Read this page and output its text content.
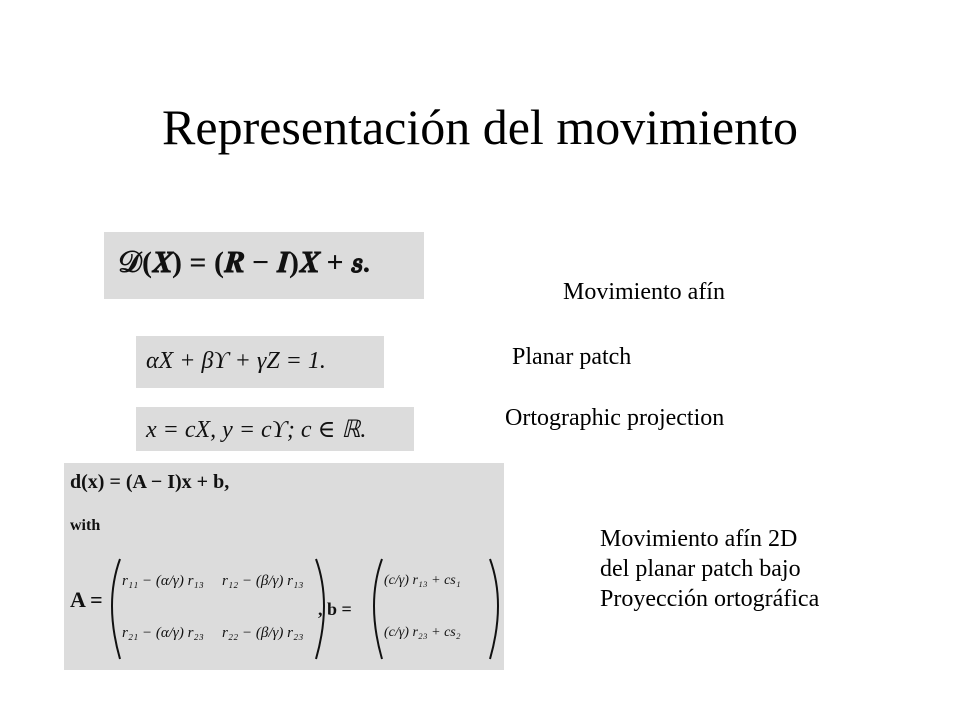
Representación del movimiento
𝒟(𝑿) = (𝑹 − 𝑰)𝑿 + 𝒔.
αX + βϒ + γZ = 1.
x = cX, y = cϒ; c ∈ ℝ.
d(x) = (A − I)x + b,
with
A =
r₁₁ − (α/γ) r₁₃ r₁₂ − (β/γ) r₁₃
r₂₁ − (α/γ) r₂₃ r₂₂ − (β/γ) r₂₃
, b =
(c/γ) r₁₃ + cs₁
(c/γ) r₂₃ + cs₂
Movimiento afín
Planar patch
Ortographic projection
Movimiento afín 2D
del planar patch bajo
Proyección ortográfica
